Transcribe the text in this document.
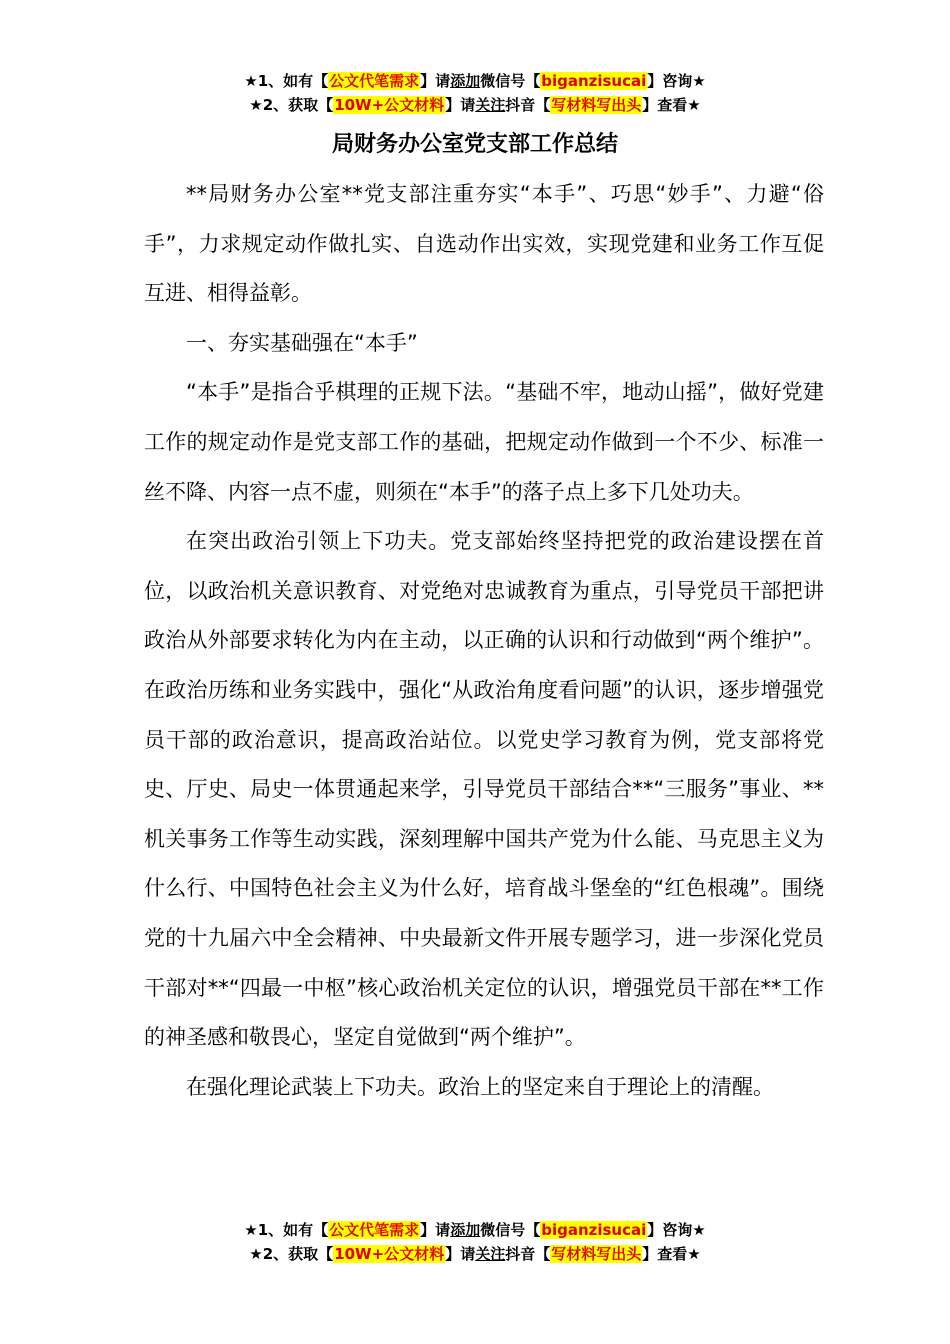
★1、如有【公文代笔需求】请添加微信号【biganzisucai】咨询★
★2、获取【10W+公文材料】请关注抖音【写材料写出头】查看★
局财务办公室党支部工作总结

**局财务办公室**党支部注重夯实“本手”、巧思“妙手”、力避“俗手”，力求规定动作做扎实、自选动作出实效，实现党建和业务工作互促互进、相得益彰。

一、夯实基础强在“本手”

“本手”是指合乎棋理的正规下法。“基础不牢，地动山摇”，做好党建工作的规定动作是党支部工作的基础，把规定动作做到一个不少、标准一丝不降、内容一点不虚，则须在“本手”的落子点上多下几处功夫。

在突出政治引领上下功夫。党支部始终坚持把党的政治建设摆在首位，以政治机关意识教育、对党绝对忠诚教育为重点，引导党员干部把讲政治从外部要求转化为内在主动，以正确的认识和行动做到“两个维护”。在政治历练和业务实践中，强化“从政治角度看问题”的认识，逐步增强党员干部的政治意识，提高政治站位。以党史学习教育为例，党支部将党史、厅史、局史一体贯通起来学，引导党员干部结合**“三服务”事业、**机关事务工作等生动实践，深刻理解中国共产党为什么能、马克思主义为什么行、中国特色社会主义为什么好，培育战斗堡垒的“红色根魂”。围绕党的十九届六中全会精神、中央最新文件开展专题学习，进一步深化党员干部对**“四最一中枢”核心政治机关定位的认识，增强党员干部在**工作的神圣感和敬畏心，坚定自觉做到“两个维护”。

在强化理论武装上下功夫。政治上的坚定来自于理论上的清醒。

★1、如有【公文代笔需求】请添加微信号【biganzisucai】咨询★
★2、获取【10W+公文材料】请关注抖音【写材料写出头】查看★
